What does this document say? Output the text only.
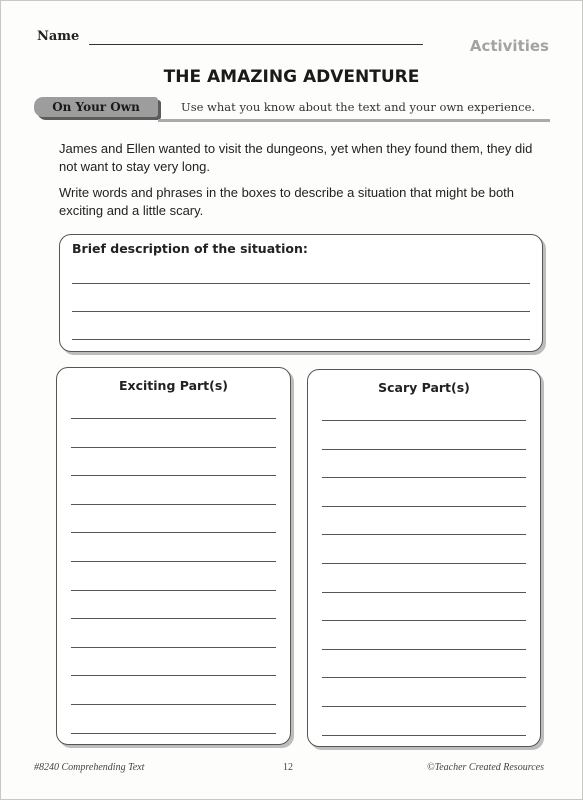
Name
Activities
THE AMAZING ADVENTURE
On Your Own	Use what you know about the text and your own experience.
James and Ellen wanted to visit the dungeons, yet when they found them, they did not want to stay very long.
Write words and phrases in the boxes to describe a situation that might be both exciting and a little scary.
Brief description of the situation:
Exciting Part(s)	Scary Part(s)
#8240 Comprehending Text	12	©Teacher Created Resources
